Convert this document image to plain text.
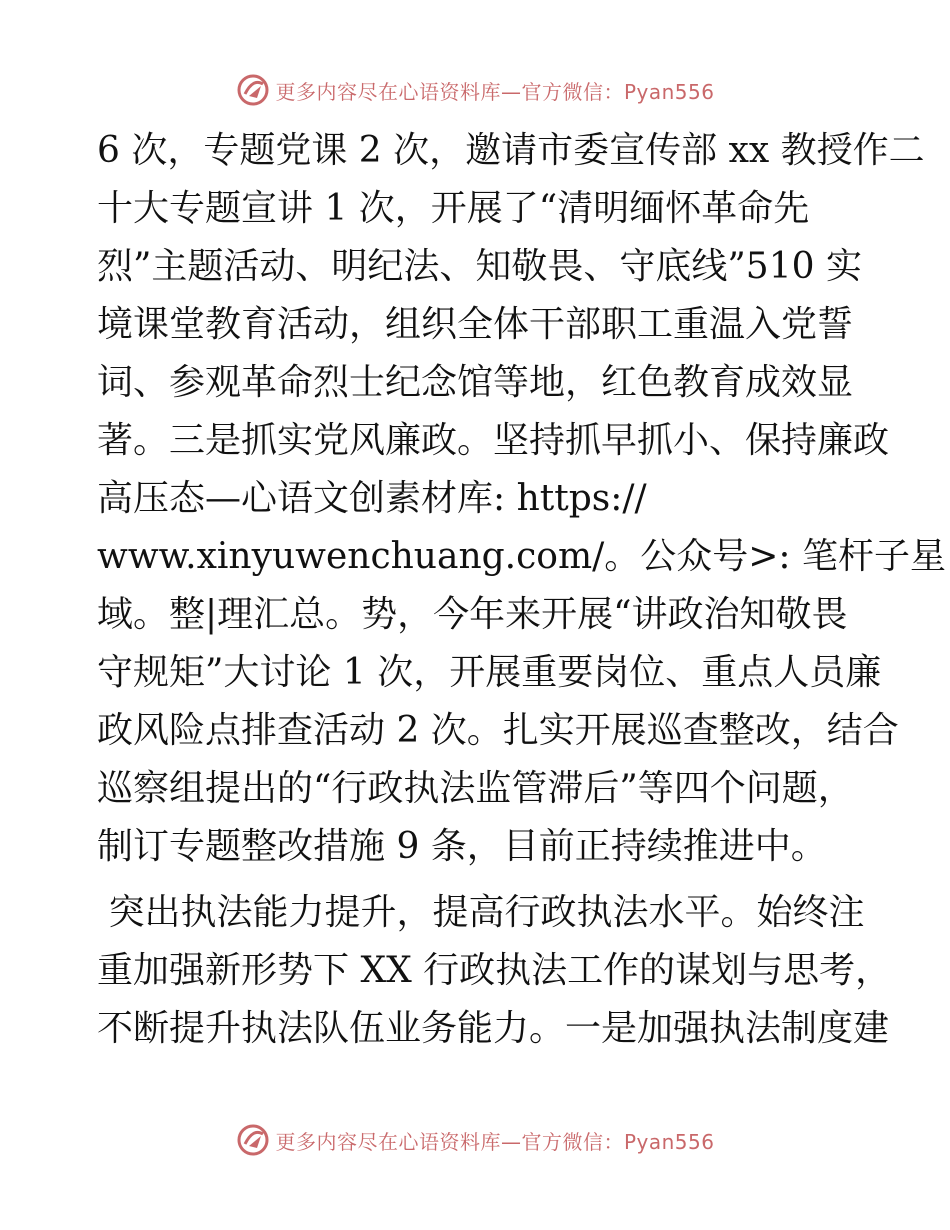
更多内容尽在心语资料库—官方微信：Pyan556
6 次，专题党课 2 次，邀请市委宣传部 xx 教授作二
十大专题宣讲 1 次，开展了“清明缅怀革命先
烈”主题活动、明纪法、知敬畏、守底线”510 实
境课堂教育活动，组织全体干部职工重温入党誓
词、参观革命烈士纪念馆等地，红色教育成效显
著。三是抓实党风廉政。坚持抓早抓小、保持廉政
高压态—心语文创素材库: https://
www.xinyuwenchuang.com/。公众号>: 笔杆子星
域。整|理汇总。势，今年来开展“讲政治知敬畏
守规矩”大讨论 1 次，开展重要岗位、重点人员廉
政风险点排查活动 2 次。扎实开展巡查整改，结合
巡察组提出的“行政执法监管滞后”等四个问题，
制订专题整改措施 9 条，目前正持续推进中。
突出执法能力提升，提高行政执法水平。始终注
重加强新形势下 XX 行政执法工作的谋划与思考，
不断提升执法队伍业务能力。一是加强执法制度建
更多内容尽在心语资料库—官方微信：Pyan556
